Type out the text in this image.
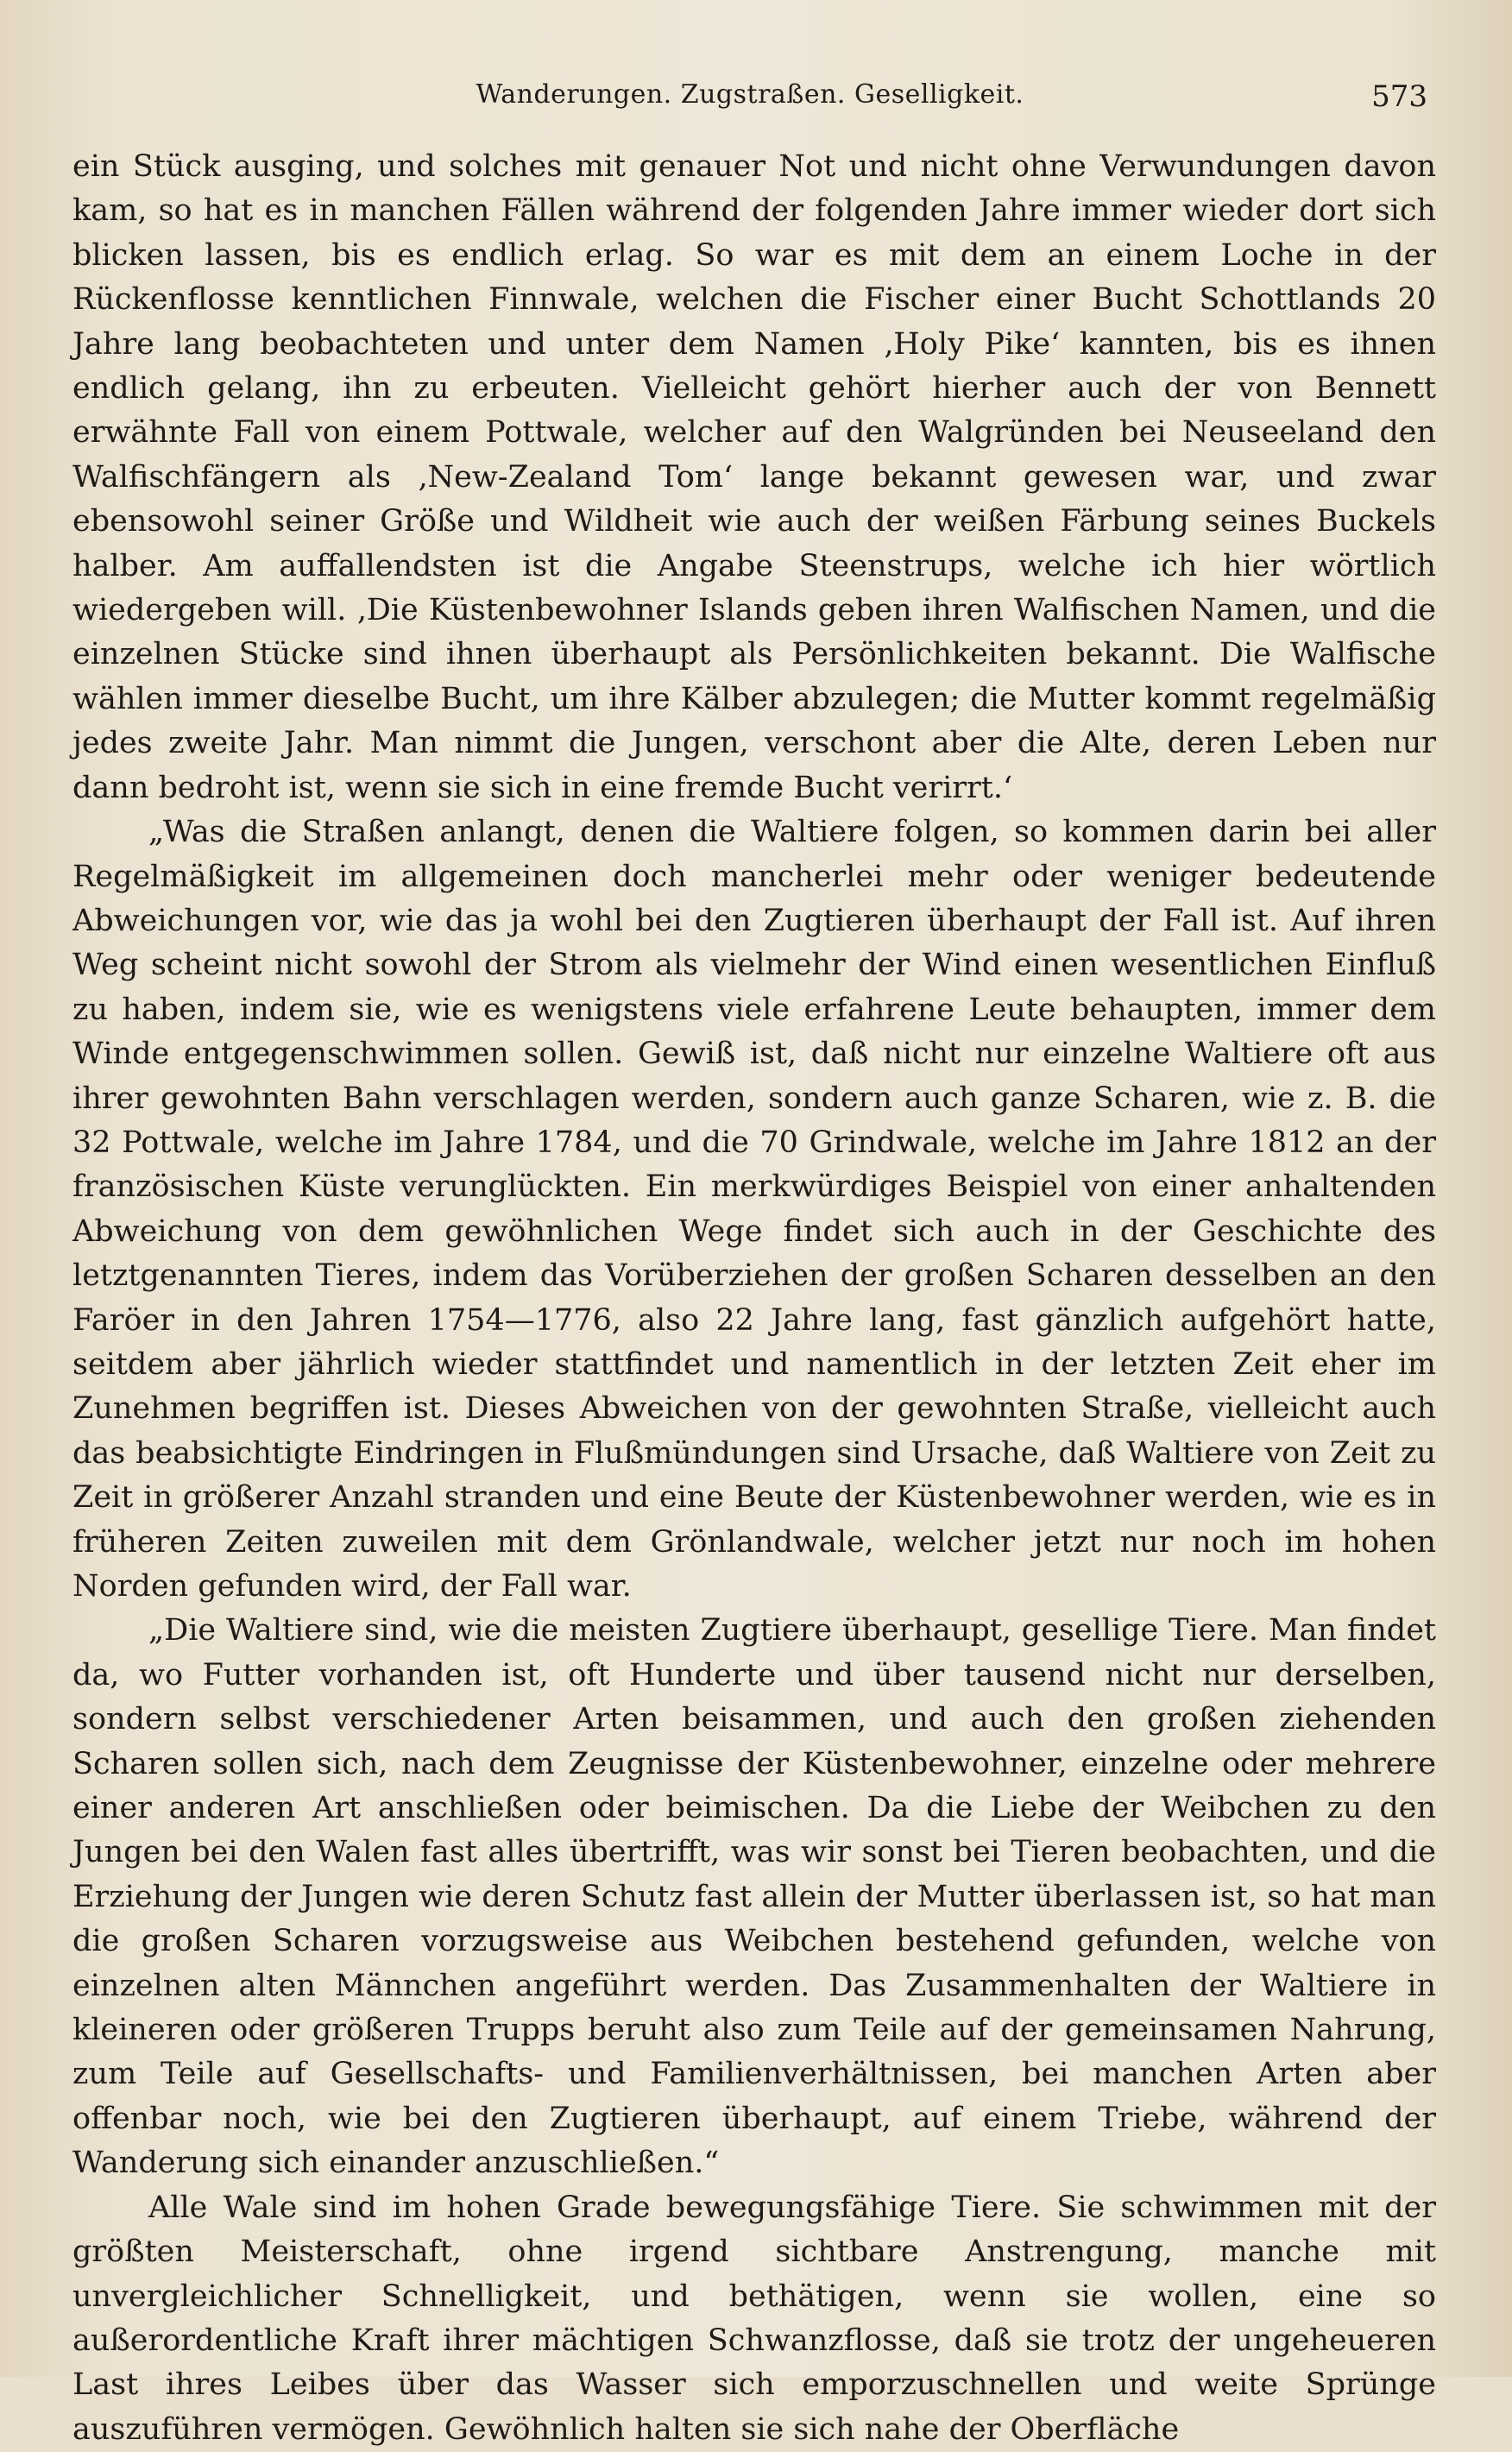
Wanderungen. Zugstraßen. Geselligkeit.	573

ein Stück ausging, und solches mit genauer Not und nicht ohne Verwundungen davon kam, so hat es in manchen Fällen während der folgenden Jahre immer wieder dort sich blicken lassen, bis es endlich erlag. So war es mit dem an einem Loche in der Rückenflosse kenntlichen Finnwale, welchen die Fischer einer Bucht Schottlands 20 Jahre lang beobachteten und unter dem Namen ‚Holy Pike‘ kannten, bis es ihnen endlich gelang, ihn zu erbeuten. Vielleicht gehört hierher auch der von Bennett erwähnte Fall von einem Pottwale, welcher auf den Walgründen bei Neuseeland den Walfischfängern als ‚New-Zealand Tom‘ lange bekannt gewesen war, und zwar ebensowohl seiner Größe und Wildheit wie auch der weißen Färbung seines Buckels halber. Am auffallendsten ist die Angabe Steenstrups, welche ich hier wörtlich wiedergeben will. ‚Die Küstenbewohner Islands geben ihren Walfischen Namen, und die einzelnen Stücke sind ihnen überhaupt als Persönlichkeiten bekannt. Die Walfische wählen immer dieselbe Bucht, um ihre Kälber abzulegen; die Mutter kommt regelmäßig jedes zweite Jahr. Man nimmt die Jungen, verschont aber die Alte, deren Leben nur dann bedroht ist, wenn sie sich in eine fremde Bucht verirrt.‘

„Was die Straßen anlangt, denen die Waltiere folgen, so kommen darin bei aller Regelmäßigkeit im allgemeinen doch mancherlei mehr oder weniger bedeutende Abweichungen vor, wie das ja wohl bei den Zugtieren überhaupt der Fall ist. Auf ihren Weg scheint nicht sowohl der Strom als vielmehr der Wind einen wesentlichen Einfluß zu haben, indem sie, wie es wenigstens viele erfahrene Leute behaupten, immer dem Winde entgegenschwimmen sollen. Gewiß ist, daß nicht nur einzelne Waltiere oft aus ihrer gewohnten Bahn verschlagen werden, sondern auch ganze Scharen, wie z. B. die 32 Pottwale, welche im Jahre 1784, und die 70 Grindwale, welche im Jahre 1812 an der französischen Küste verunglückten. Ein merkwürdiges Beispiel von einer anhaltenden Abweichung von dem gewöhnlichen Wege findet sich auch in der Geschichte des letztgenannten Tieres, indem das Vorüberziehen der großen Scharen desselben an den Faröer in den Jahren 1754—1776, also 22 Jahre lang, fast gänzlich aufgehört hatte, seitdem aber jährlich wieder stattfindet und namentlich in der letzten Zeit eher im Zunehmen begriffen ist. Dieses Abweichen von der gewohnten Straße, vielleicht auch das beabsichtigte Eindringen in Flußmündungen sind Ursache, daß Waltiere von Zeit zu Zeit in größerer Anzahl stranden und eine Beute der Küstenbewohner werden, wie es in früheren Zeiten zuweilen mit dem Grönlandwale, welcher jetzt nur noch im hohen Norden gefunden wird, der Fall war.

„Die Waltiere sind, wie die meisten Zugtiere überhaupt, gesellige Tiere. Man findet da, wo Futter vorhanden ist, oft Hunderte und über tausend nicht nur derselben, sondern selbst verschiedener Arten beisammen, und auch den großen ziehenden Scharen sollen sich, nach dem Zeugnisse der Küstenbewohner, einzelne oder mehrere einer anderen Art anschließen oder beimischen. Da die Liebe der Weibchen zu den Jungen bei den Walen fast alles übertrifft, was wir sonst bei Tieren beobachten, und die Erziehung der Jungen wie deren Schutz fast allein der Mutter überlassen ist, so hat man die großen Scharen vorzugsweise aus Weibchen bestehend gefunden, welche von einzelnen alten Männchen angeführt werden. Das Zusammenhalten der Waltiere in kleineren oder größeren Trupps beruht also zum Teile auf der gemeinsamen Nahrung, zum Teile auf Gesellschafts- und Familienverhältnissen, bei manchen Arten aber offenbar noch, wie bei den Zugtieren überhaupt, auf einem Triebe, während der Wanderung sich einander anzuschließen.“

Alle Wale sind im hohen Grade bewegungsfähige Tiere. Sie schwimmen mit der größten Meisterschaft, ohne irgend sichtbare Anstrengung, manche mit unvergleichlicher Schnelligkeit, und bethätigen, wenn sie wollen, eine so außerordentliche Kraft ihrer mächtigen Schwanzflosse, daß sie trotz der ungeheueren Last ihres Leibes über das Wasser sich emporzuschnellen und weite Sprünge auszuführen vermögen. Gewöhnlich halten sie sich nahe der Oberfläche
